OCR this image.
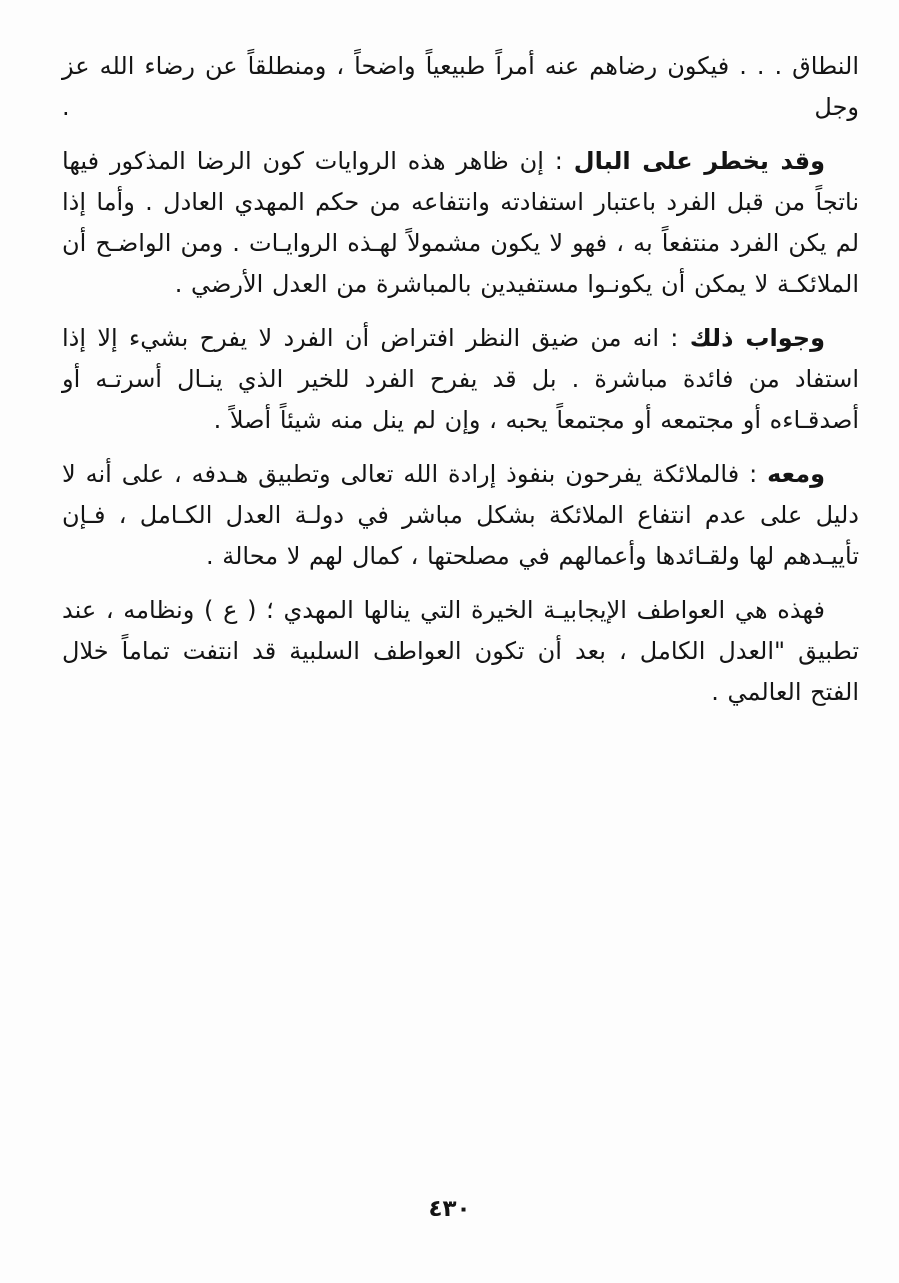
النطاق . . . فيكون رضاهم عنه أمراً طبيعياً واضحاً ، ومنطلقاً عن رضاء الله عز وجل .

وقد يخطر على البال : إن ظاهر هذه الروايات كون الرضا المذكور فيها ناتجاً من قبل الفرد باعتبار استفادته وانتفاعه من حكم المهدي العادل . وأما إذا لم يكن الفرد منتفعاً به ، فهو لا يكون مشمولاً لهـذه الروايـات . ومن الواضـح أن الملائكـة لا يمكن أن يكونـوا مستفيدين بالمباشرة من العدل الأرضي .

وجواب ذلك : انه من ضيق النظر افتراض أن الفرد لا يفرح بشيء إلا إذا استفاد من فائدة مباشرة . بل قد يفرح الفرد للخير الذي ينـال أسرتـه أو أصدقـاءه أو مجتمعه أو مجتمعاً يحبه ، وإن لم ينل منه شيئاً أصلاً .

ومعه : فالملائكة يفرحون بنفوذ إرادة الله تعالى وتطبيق هـدفه ، على أنه لا دليل على عدم انتفاع الملائكة بشكل مباشر في دولـة العدل الكـامل ، فـإن تأييـدهم لها ولقـائدها وأعمالهم في مصلحتها ، كمال لهم لا محالة .

فهذه هي العواطف الإيجابيـة الخيرة التي ينالها المهدي ؛ ( ع ) ونظامه ، عند تطبيق "العدل الكامل ، بعد أن تكون العواطف السلبية قد انتفت تماماً خلال الفتح العالمي .

٤٣٠
